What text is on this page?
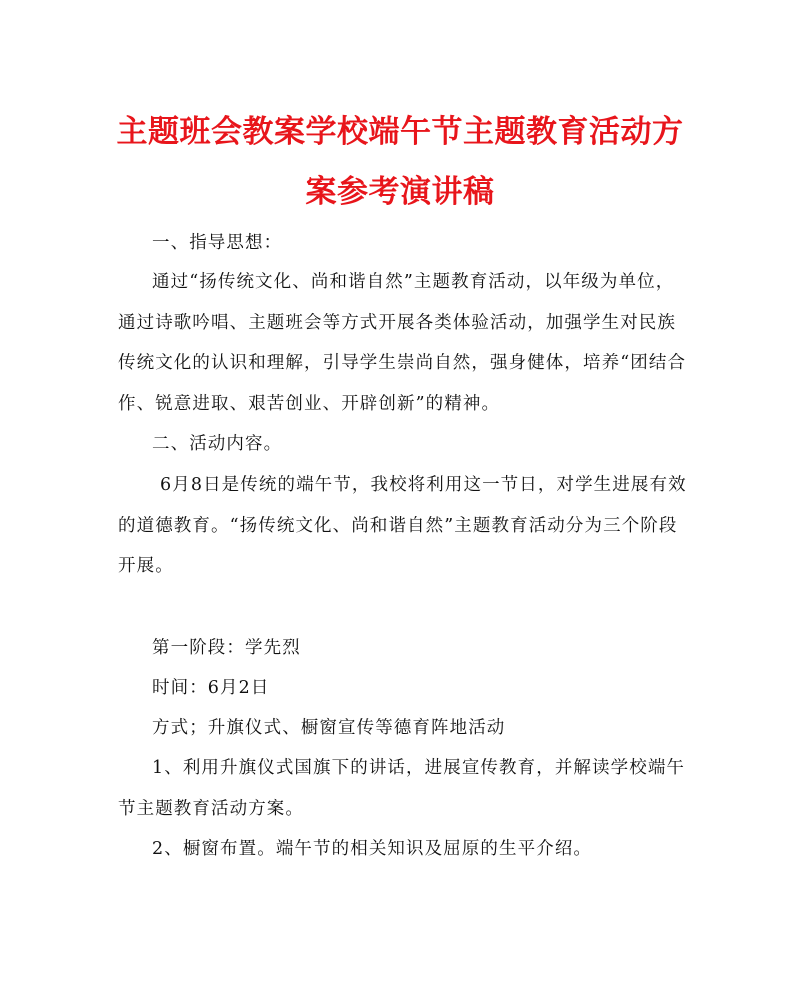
主题班会教案学校端午节主题教育活动方
案参考演讲稿
一、指导思想：
通过“扬传统文化、尚和谐自然”主题教育活动，以年级为单位，
通过诗歌吟唱、主题班会等方式开展各类体验活动，加强学生对民族
传统文化的认识和理解，引导学生崇尚自然，强身健体，培养“团结合
作、锐意进取、艰苦创业、开辟创新”的精神。
二、活动内容。
6月8日是传统的端午节，我校将利用这一节日，对学生进展有效
的道德教育。“扬传统文化、尚和谐自然”主题教育活动分为三个阶段
开展。
第一阶段：学先烈
时间：6月2日
方式；升旗仪式、橱窗宣传等德育阵地活动
1、利用升旗仪式国旗下的讲话，进展宣传教育，并解读学校端午
节主题教育活动方案。
2、橱窗布置。端午节的相关知识及屈原的生平介绍。
